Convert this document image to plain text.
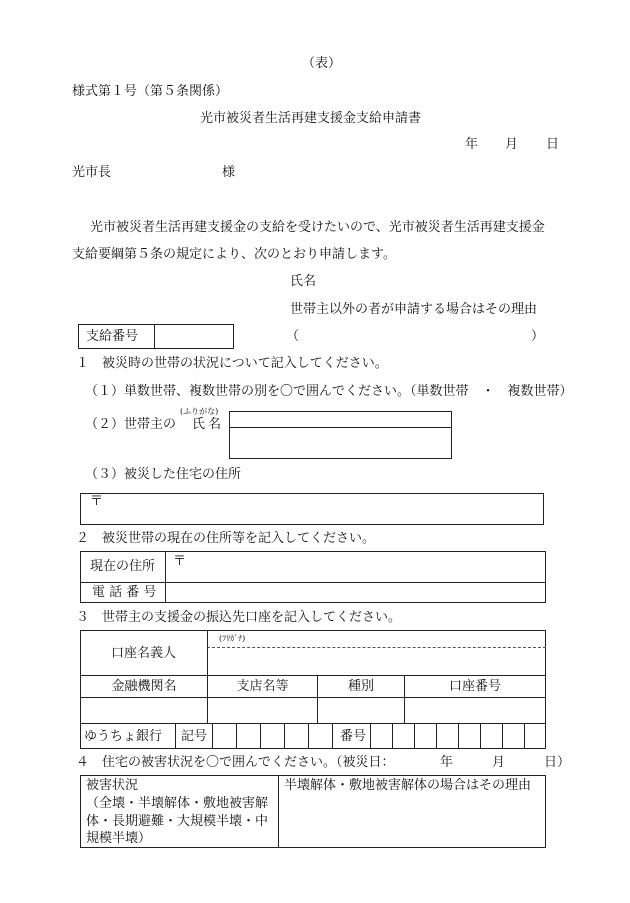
（表）
様式第１号（第５条関係）
光市被災者生活再建支援金支給申請書
年 月 日
光市長	様
光市被災者生活再建支援金の支給を受けたいので、光市被災者生活再建支援金
支給要綱第５条の規定により、次のとおり申請します。
氏名
世帯主以外の者が申請する場合はその理由
（	）
支給番号
１　被災時の世帯の状況について記入してください。
（１）単数世帯、複数世帯の別を〇で囲んでください。（単数世帯　・　複数世帯）
（２）世帯主の
(ふりがな)
氏 名
（３）被災した住宅の住所
〒
２　被災世帯の現在の住所等を記入してください。
現在の住所 〒
電 話 番 号
３　世帯主の支援金の振込先口座を記入してください。
口座名義人
(ﾌﾘｶﾞﾅ)
金融機関名	支店名等	種別	口座番号
ゆうちょ銀行 記号	番号
４　住宅の被害状況を〇で囲んでください。（被災日：　　　　年　　　月　　　日）
被害状況
（全壊・半壊解体・敷地被害解
体・長期避難・大規模半壊・中
規模半壊）
半壊解体・敷地被害解体の場合はその理由
